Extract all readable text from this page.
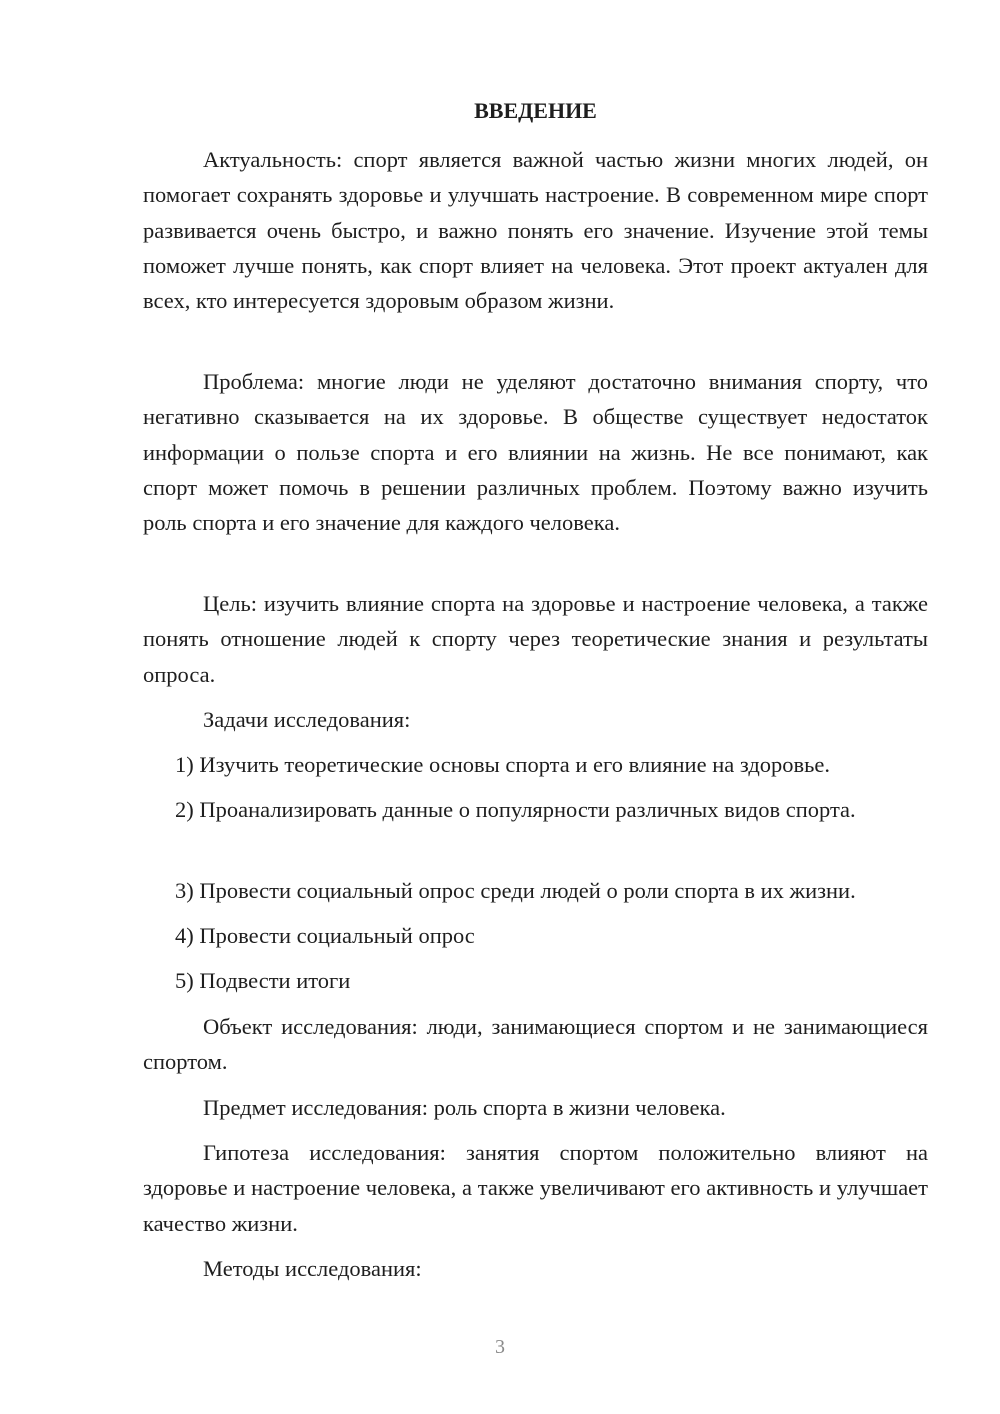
ВВЕДЕНИЕ

Актуальность: спорт является важной частью жизни многих людей, он помогает сохранять здоровье и улучшать настроение. В современном мире спорт развивается очень быстро, и важно понять его значение. Изучение этой темы поможет лучше понять, как спорт влияет на человека. Этот проект актуален для всех, кто интересуется здоровым образом жизни.

Проблема: многие люди не уделяют достаточно внимания спорту, что негативно сказывается на их здоровье. В обществе существует недостаток информации о пользе спорта и его влиянии на жизнь. Не все понимают, как спорт может помочь в решении различных проблем. Поэтому важно изучить роль спорта и его значение для каждого человека.

Цель: изучить влияние спорта на здоровье и настроение человека, а также понять отношение людей к спорту через теоретические знания и результаты опроса.

Задачи исследования:

1) Изучить теоретические основы спорта и его влияние на здоровье.

2) Проанализировать данные о популярности различных видов спорта.

3) Провести социальный опрос среди людей о роли спорта в их жизни.

4) Провести социальный опрос

5) Подвести итоги

Объект исследования: люди, занимающиеся спортом и не занимающиеся спортом.

Предмет исследования: роль спорта в жизни человека.

Гипотеза исследования: занятия спортом положительно влияют на здоровье и настроение человека, а также увеличивают его активность и улучшает качество жизни.

Методы исследования:

3
